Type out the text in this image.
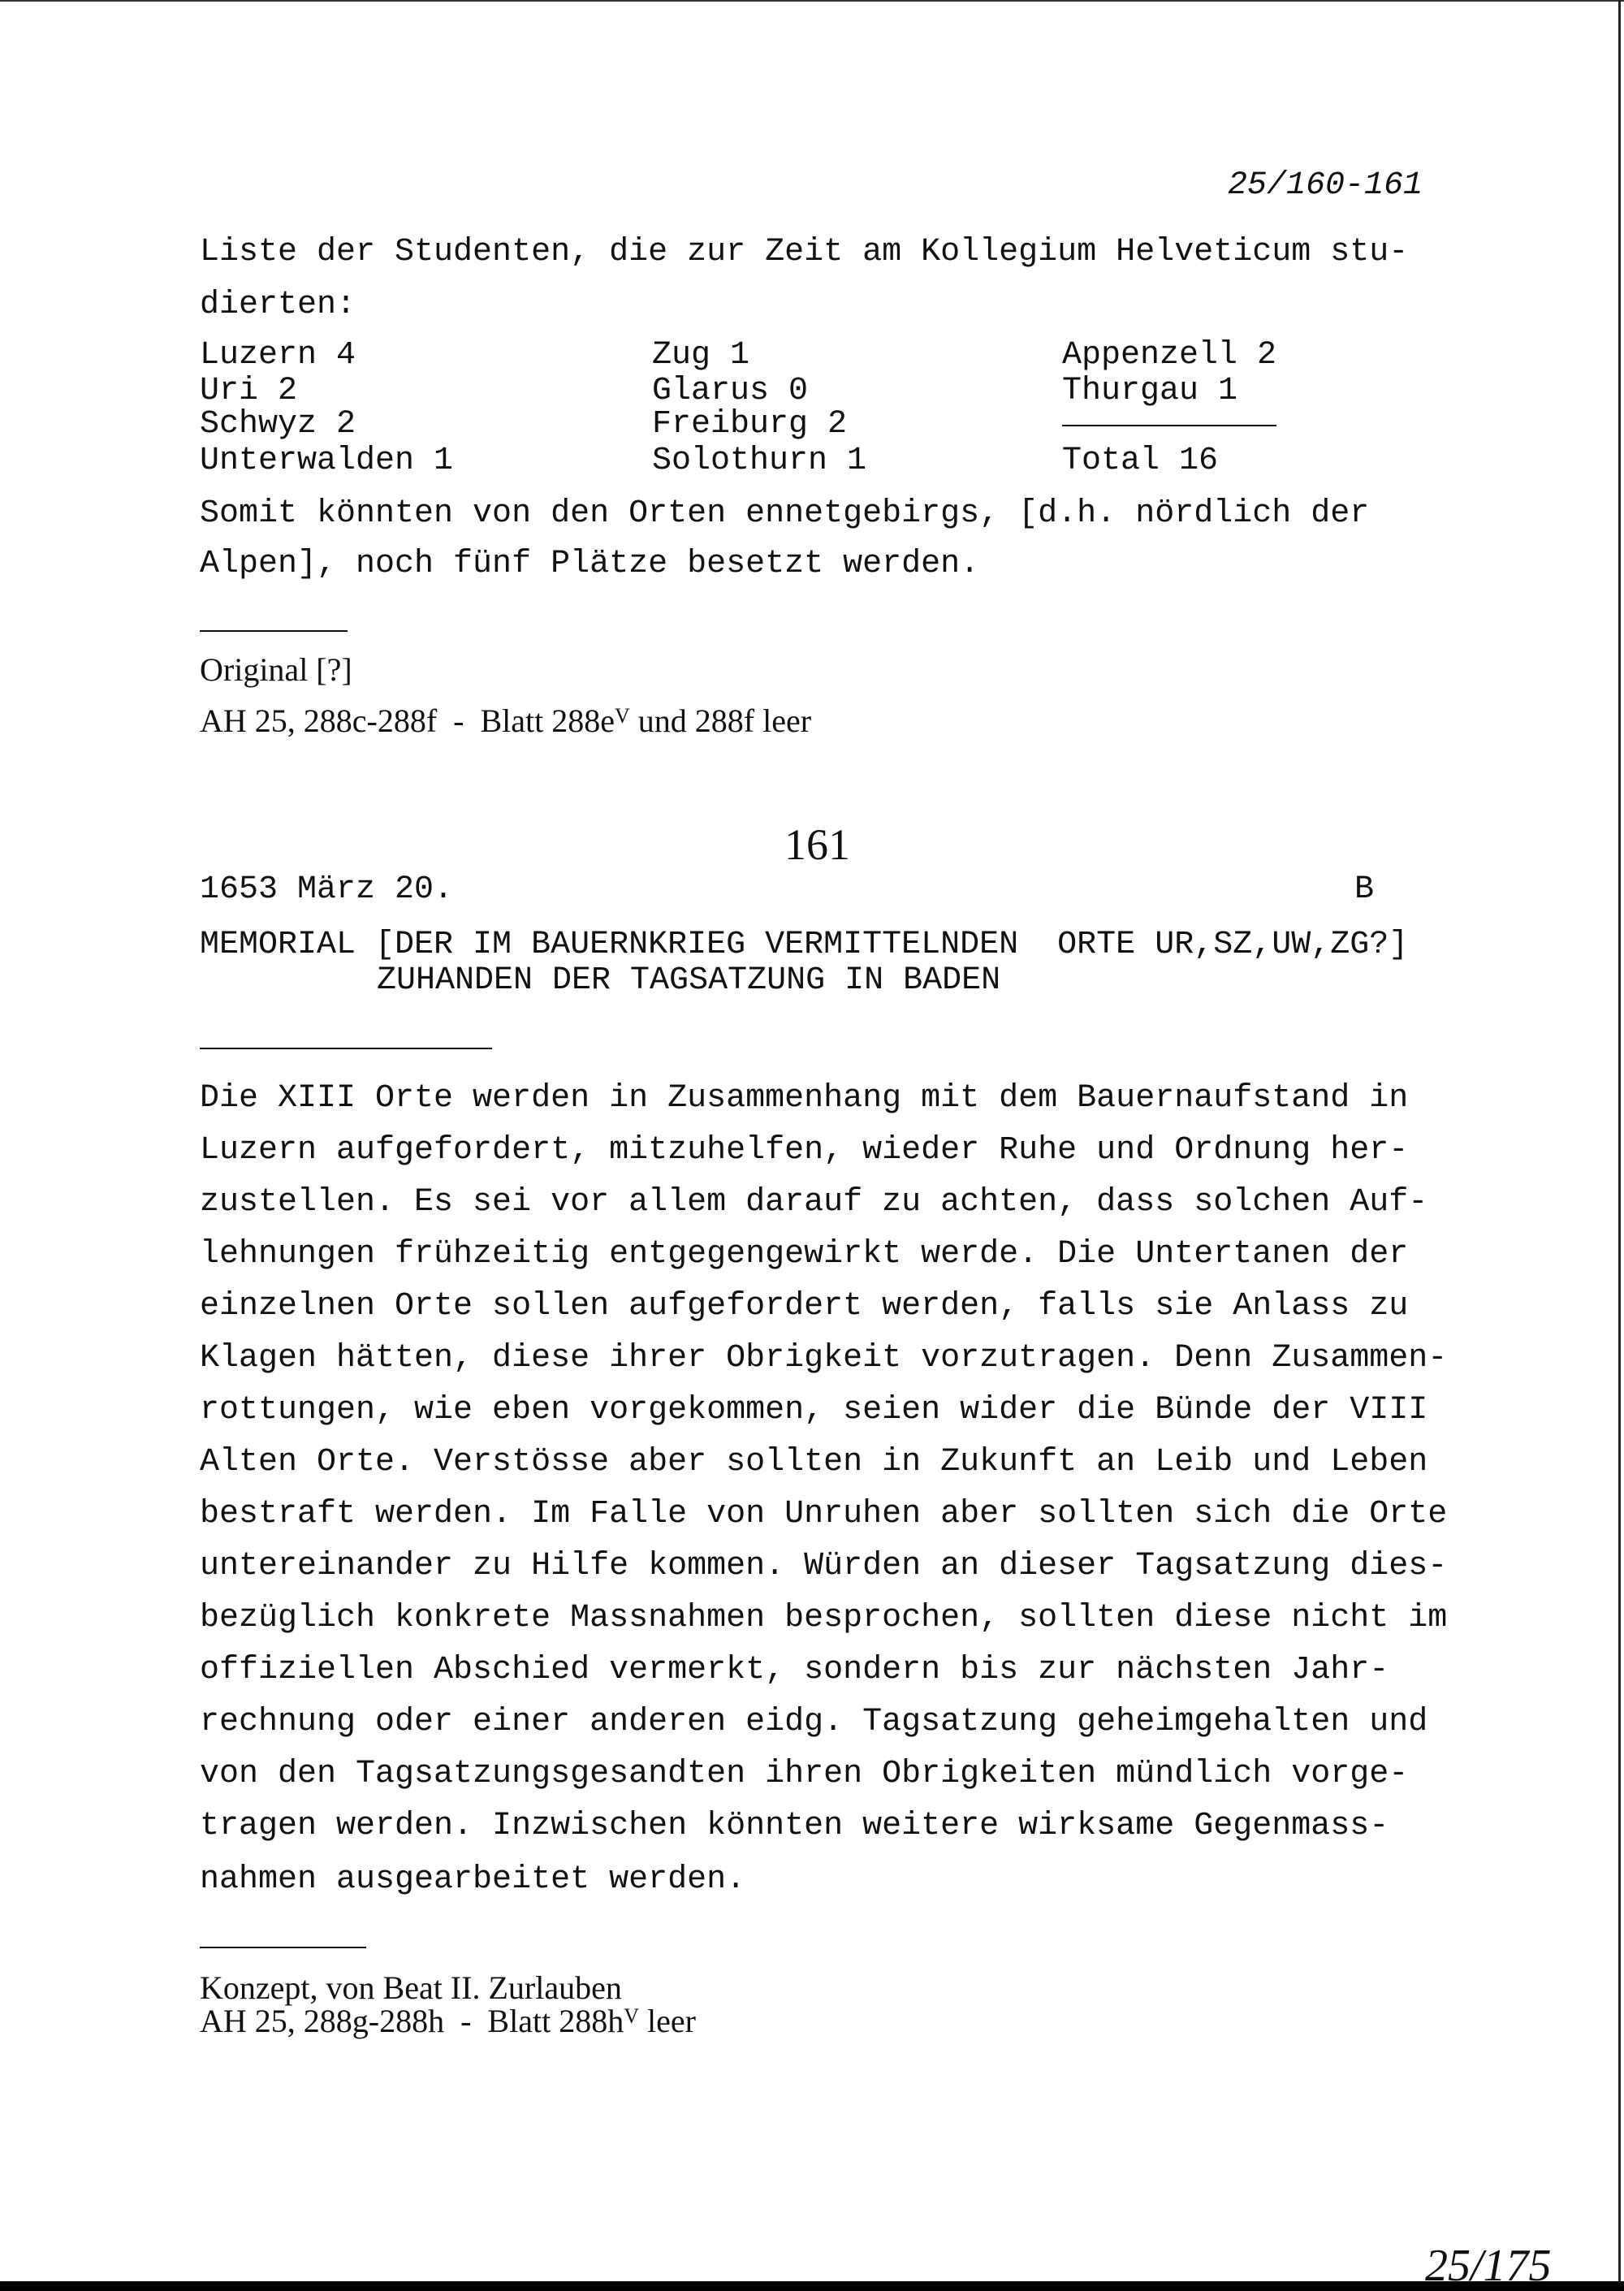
25/160-161
Liste der Studenten, die zur Zeit am Kollegium Helveticum stu-
dierten:
Luzern 4	Zug 1	Appenzell 2
Uri 2	Glarus 0	Thurgau 1
Schwyz 2	Freiburg 2
Unterwalden 1	Solothurn 1	Total 16
Somit könnten von den Orten ennetgebirgs, [d.h. nördlich der
Alpen], noch fünf Plätze besetzt werden.
Original [?]
AH 25, 288c-288f  -  Blatt $288e^V$ und 288f leer
161
1653 März 20.	B
MEMORIAL [DER IM BAUERNKRIEG VERMITTELNDEN  ORTE UR,SZ,UW,ZG?]
ZUHANDEN DER TAGSATZUNG IN BADEN
Die XIII Orte werden in Zusammenhang mit dem Bauernaufstand in
Luzern aufgefordert, mitzuhelfen, wieder Ruhe und Ordnung her-
zustellen. Es sei vor allem darauf zu achten, dass solchen Auf-
lehnungen frühzeitig entgegengewirkt werde. Die Untertanen der
einzelnen Orte sollen aufgefordert werden, falls sie Anlass zu
Klagen hätten, diese ihrer Obrigkeit vorzutragen. Denn Zusammen-
rottungen, wie eben vorgekommen, seien wider die Bünde der VIII
Alten Orte. Verstösse aber sollten in Zukunft an Leib und Leben
bestraft werden. Im Falle von Unruhen aber sollten sich die Orte
untereinander zu Hilfe kommen. Würden an dieser Tagsatzung dies-
bezüglich konkrete Massnahmen besprochen, sollten diese nicht im
offiziellen Abschied vermerkt, sondern bis zur nächsten Jahr-
rechnung oder einer anderen eidg. Tagsatzung geheimgehalten und
von den Tagsatzungsgesandten ihren Obrigkeiten mündlich vorge-
tragen werden. Inzwischen könnten weitere wirksame Gegenmass-
nahmen ausgearbeitet werden.
Konzept, von Beat II. Zurlauben
AH 25, 288g-288h  -  Blatt $288h^V$ leer
25/175
